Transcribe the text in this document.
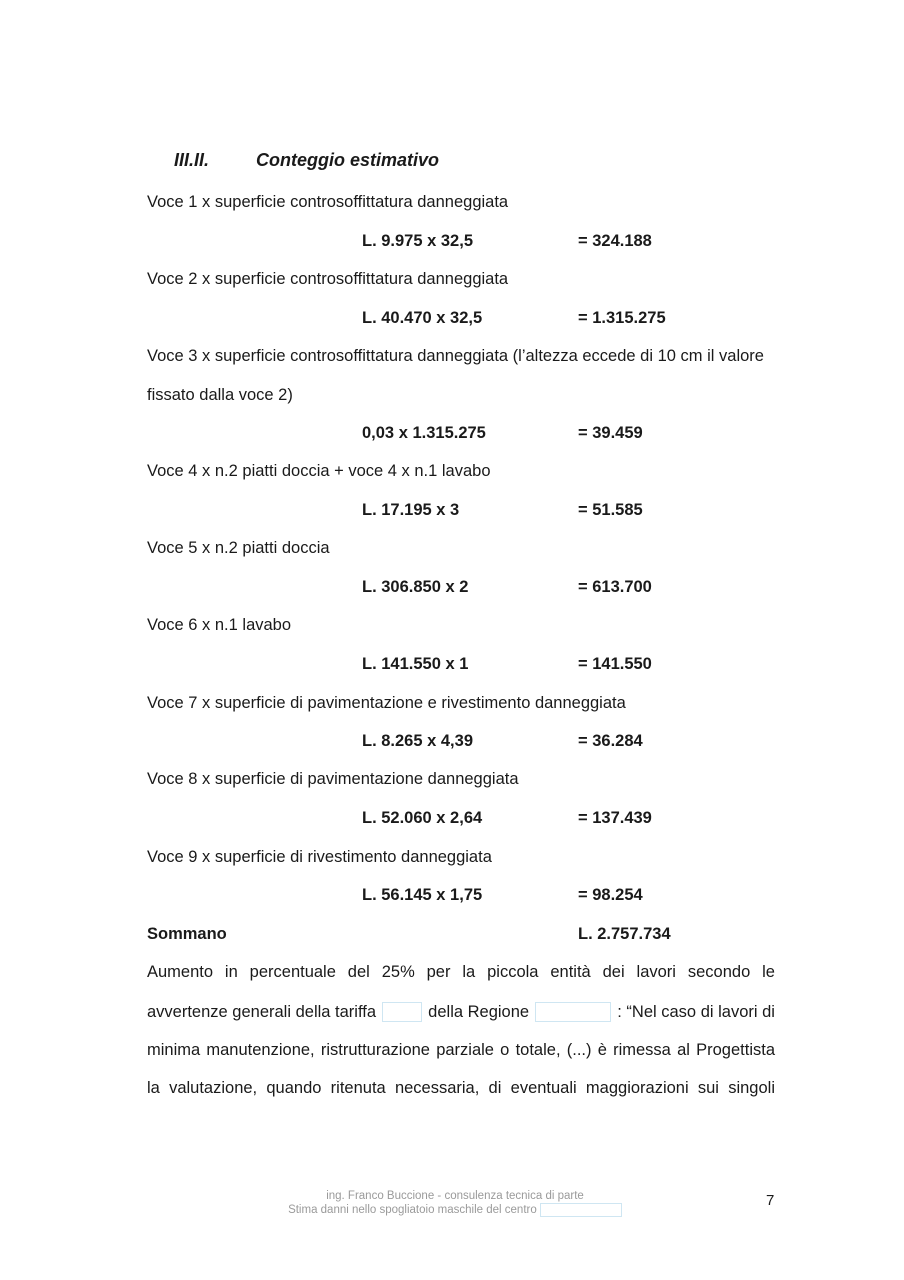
III.II.	Conteggio estimativo
Voce 1 x superficie controsoffittatura danneggiata
L. 9.975 x 32,5	= 324.188
Voce 2 x superficie controsoffittatura danneggiata
L. 40.470 x 32,5	= 1.315.275
Voce 3 x superficie controsoffittatura danneggiata (l’altezza eccede di 10 cm il valore
fissato dalla voce 2)
0,03 x 1.315.275	= 39.459
Voce 4 x n.2 piatti doccia + voce 4 x n.1 lavabo
L. 17.195 x 3	= 51.585
Voce 5 x n.2 piatti doccia
L. 306.850 x 2	= 613.700
Voce 6 x n.1 lavabo
L. 141.550 x 1	= 141.550
Voce 7 x superficie di pavimentazione e rivestimento danneggiata
L. 8.265 x 4,39	= 36.284
Voce 8 x superficie di pavimentazione danneggiata
L. 52.060 x 2,64	= 137.439
Voce 9 x superficie di rivestimento danneggiata
L. 56.145 x 1,75	= 98.254
Sommano	L. 2.757.734
Aumento in percentuale del 25% per la piccola entità dei lavori secondo le
avvertenze generali della tariffa	della Regione	: “Nel caso di lavori di
minima manutenzione, ristrutturazione parziale o totale, (...) è rimessa al Progettista
la valutazione, quando ritenuta necessaria, di eventuali maggiorazioni sui singoli
ing. Franco Buccione - consulenza tecnica di parte
Stima danni nello spogliatoio maschile del centro
7
